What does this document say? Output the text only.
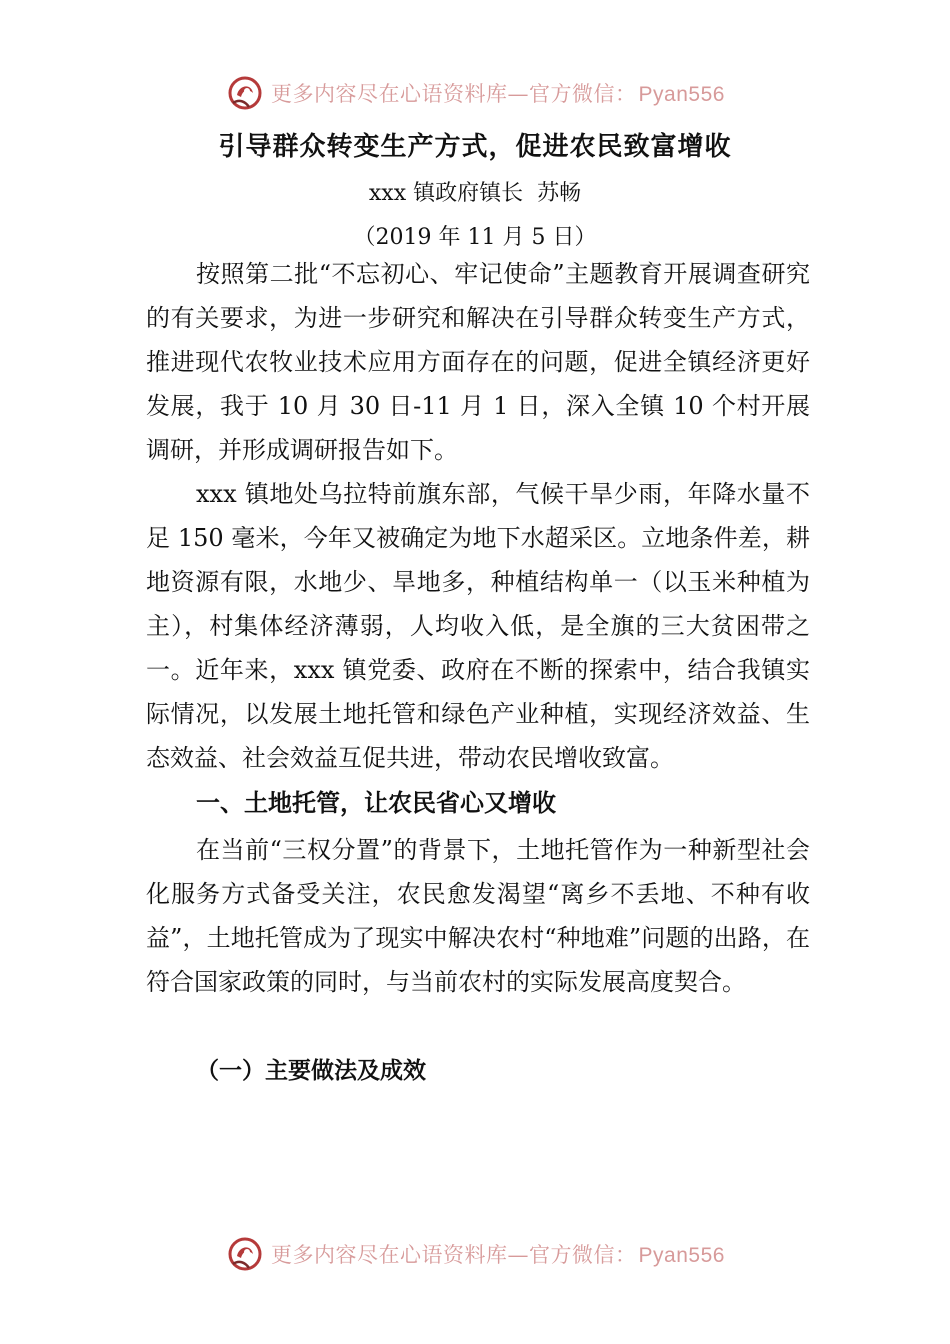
更多内容尽在心语资料库—官方微信：Pyan556
引导群众转变生产方式，促进农民致富增收
xxx 镇政府镇长  苏畅
（2019 年 11 月 5 日）

按照第二批“不忘初心、牢记使命”主题教育开展调查研究的有关要求，为进一步研究和解决在引导群众转变生产方式，推进现代农牧业技术应用方面存在的问题，促进全镇经济更好发展，我于 10 月 30 日-11 月 1 日，深入全镇 10 个村开展调研，并形成调研报告如下。

xxx 镇地处乌拉特前旗东部，气候干旱少雨，年降水量不足 150 毫米，今年又被确定为地下水超采区。立地条件差，耕地资源有限，水地少、旱地多，种植结构单一（以玉米种植为主），村集体经济薄弱，人均收入低，是全旗的三大贫困带之一。近年来，xxx 镇党委、政府在不断的探索中，结合我镇实际情况，以发展土地托管和绿色产业种植，实现经济效益、生态效益、社会效益互促共进，带动农民增收致富。

一、土地托管，让农民省心又增收

在当前“三权分置”的背景下，土地托管作为一种新型社会化服务方式备受关注，农民愈发渴望“离乡不丢地、不种有收益”，土地托管成为了现实中解决农村“种地难”问题的出路，在符合国家政策的同时，与当前农村的实际发展高度契合。

（一）主要做法及成效
更多内容尽在心语资料库—官方微信：Pyan556
